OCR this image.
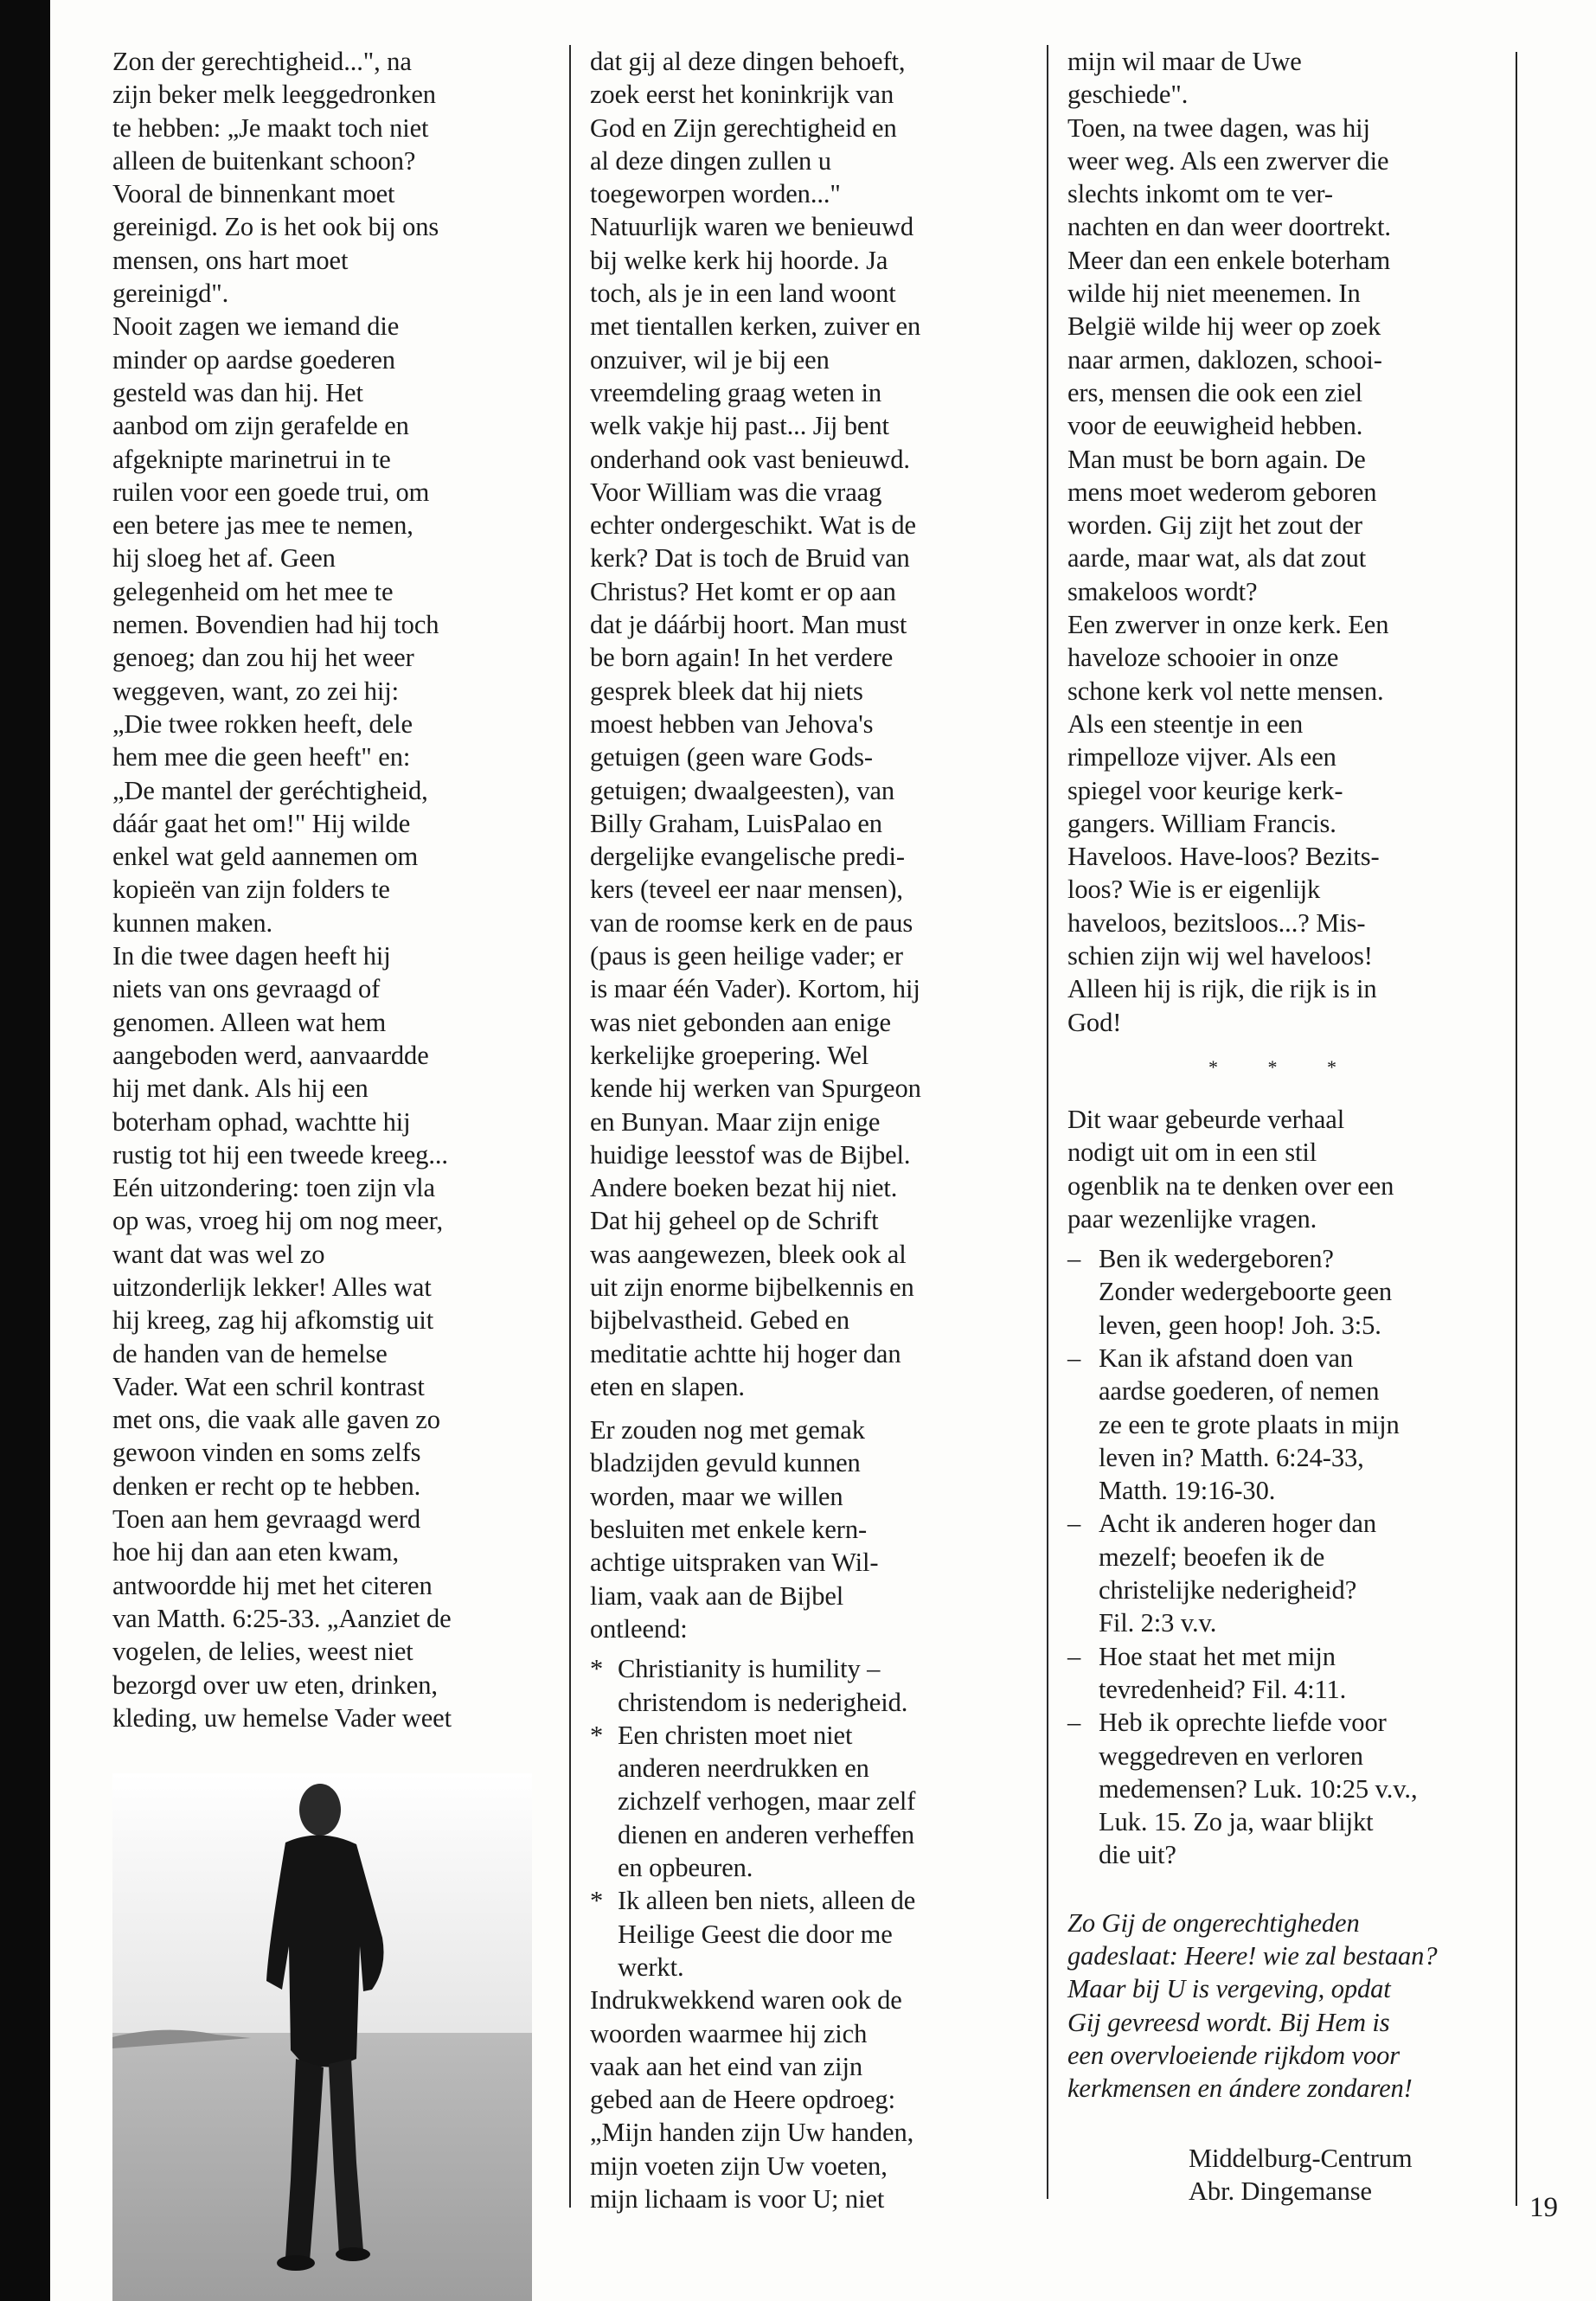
Zon der gerechtigheid...", na
zijn beker melk leeggedronken
te hebben: „Je maakt toch niet
alleen de buitenkant schoon?
Vooral de binnenkant moet
gereinigd. Zo is het ook bij ons
mensen, ons hart moet
gereinigd".
Nooit zagen we iemand die
minder op aardse goederen
gesteld was dan hij. Het
aanbod om zijn gerafelde en
afgeknipte marinetrui in te
ruilen voor een goede trui, om
een betere jas mee te nemen,
hij sloeg het af. Geen
gelegenheid om het mee te
nemen. Bovendien had hij toch
genoeg; dan zou hij het weer
weggeven, want, zo zei hij:
„Die twee rokken heeft, dele
hem mee die geen heeft" en:
„De mantel der geréchtigheid,
dáár gaat het om!" Hij wilde
enkel wat geld aannemen om
kopieën van zijn folders te
kunnen maken.
In die twee dagen heeft hij
niets van ons gevraagd of
genomen. Alleen wat hem
aangeboden werd, aanvaardde
hij met dank. Als hij een
boterham ophad, wachtte hij
rustig tot hij een tweede kreeg...
Eén uitzondering: toen zijn vla
op was, vroeg hij om nog meer,
want dat was wel zo
uitzonderlijk lekker! Alles wat
hij kreeg, zag hij afkomstig uit
de handen van de hemelse
Vader. Wat een schril kontrast
met ons, die vaak alle gaven zo
gewoon vinden en soms zelfs
denken er recht op te hebben.
Toen aan hem gevraagd werd
hoe hij dan aan eten kwam,
antwoordde hij met het citeren
van Matth. 6:25-33. „Aanziet de
vogelen, de lelies, weest niet
bezorgd over uw eten, drinken,
kleding, uw hemelse Vader weet
dat gij al deze dingen behoeft,
zoek eerst het koninkrijk van
God en Zijn gerechtigheid en
al deze dingen zullen u
toegeworpen worden..."
Natuurlijk waren we benieuwd
bij welke kerk hij hoorde. Ja
toch, als je in een land woont
met tientallen kerken, zuiver en
onzuiver, wil je bij een
vreemdeling graag weten in
welk vakje hij past... Jij bent
onderhand ook vast benieuwd.
Voor William was die vraag
echter ondergeschikt. Wat is de
kerk? Dat is toch de Bruid van
Christus? Het komt er op aan
dat je dáárbij hoort. Man must
be born again! In het verdere
gesprek bleek dat hij niets
moest hebben van Jehova's
getuigen (geen ware Gods-
getuigen; dwaalgeesten), van
Billy Graham, LuisPalao en
dergelijke evangelische predi-
kers (teveel eer naar mensen),
van de roomse kerk en de paus
(paus is geen heilige vader; er
is maar één Vader). Kortom, hij
was niet gebonden aan enige
kerkelijke groepering. Wel
kende hij werken van Spurgeon
en Bunyan. Maar zijn enige
huidige leesstof was de Bijbel.
Andere boeken bezat hij niet.
Dat hij geheel op de Schrift
was aangewezen, bleek ook al
uit zijn enorme bijbelkennis en
bijbelvastheid. Gebed en
meditatie achtte hij hoger dan
eten en slapen.
Er zouden nog met gemak
bladzijden gevuld kunnen
worden, maar we willen
besluiten met enkele kern-
achtige uitspraken van Wil-
liam, vaak aan de Bijbel
ontleend:
* Christianity is humility –
christendom is nederigheid.
* Een christen moet niet
anderen neerdrukken en
zichzelf verhogen, maar zelf
dienen en anderen verheffen
en opbeuren.
* Ik alleen ben niets, alleen de
Heilige Geest die door me
werkt.
Indrukwekkend waren ook de
woorden waarmee hij zich
vaak aan het eind van zijn
gebed aan de Heere opdroeg:
„Mijn handen zijn Uw handen,
mijn voeten zijn Uw voeten,
mijn lichaam is voor U; niet
mijn wil maar de Uwe
geschiede".
Toen, na twee dagen, was hij
weer weg. Als een zwerver die
slechts inkomt om te ver-
nachten en dan weer doortrekt.
Meer dan een enkele boterham
wilde hij niet meenemen. In
België wilde hij weer op zoek
naar armen, daklozen, schooi-
ers, mensen die ook een ziel
voor de eeuwigheid hebben.
Man must be born again. De
mens moet wederom geboren
worden. Gij zijt het zout der
aarde, maar wat, als dat zout
smakeloos wordt?
Een zwerver in onze kerk. Een
haveloze schooier in onze
schone kerk vol nette mensen.
Als een steentje in een
rimpelloze vijver. Als een
spiegel voor keurige kerk-
gangers. William Francis.
Haveloos. Have-loos? Bezits-
loos? Wie is er eigenlijk
haveloos, bezitsloos...? Mis-
schien zijn wij wel haveloos!
Alleen hij is rijk, die rijk is in
God!
* * *
Dit waar gebeurde verhaal
nodigt uit om in een stil
ogenblik na te denken over een
paar wezenlijke vragen.
– Ben ik wedergeboren?
Zonder wedergeboorte geen
leven, geen hoop! Joh. 3:5.
– Kan ik afstand doen van
aardse goederen, of nemen
ze een te grote plaats in mijn
leven in? Matth. 6:24-33,
Matth. 19:16-30.
– Acht ik anderen hoger dan
mezelf; beoefen ik de
christelijke nederigheid?
Fil. 2:3 v.v.
– Hoe staat het met mijn
tevredenheid? Fil. 4:11.
– Heb ik oprechte liefde voor
weggedreven en verloren
medemensen? Luk. 10:25 v.v.,
Luk. 15. Zo ja, waar blijkt
die uit?
Zo Gij de ongerechtigheden
gadeslaat: Heere! wie zal bestaan?
Maar bij U is vergeving, opdat
Gij gevreesd wordt. Bij Hem is
een overvloeiende rijkdom voor
kerkmensen en ándere zondaren!
Middelburg-Centrum
Abr. Dingemanse
19
